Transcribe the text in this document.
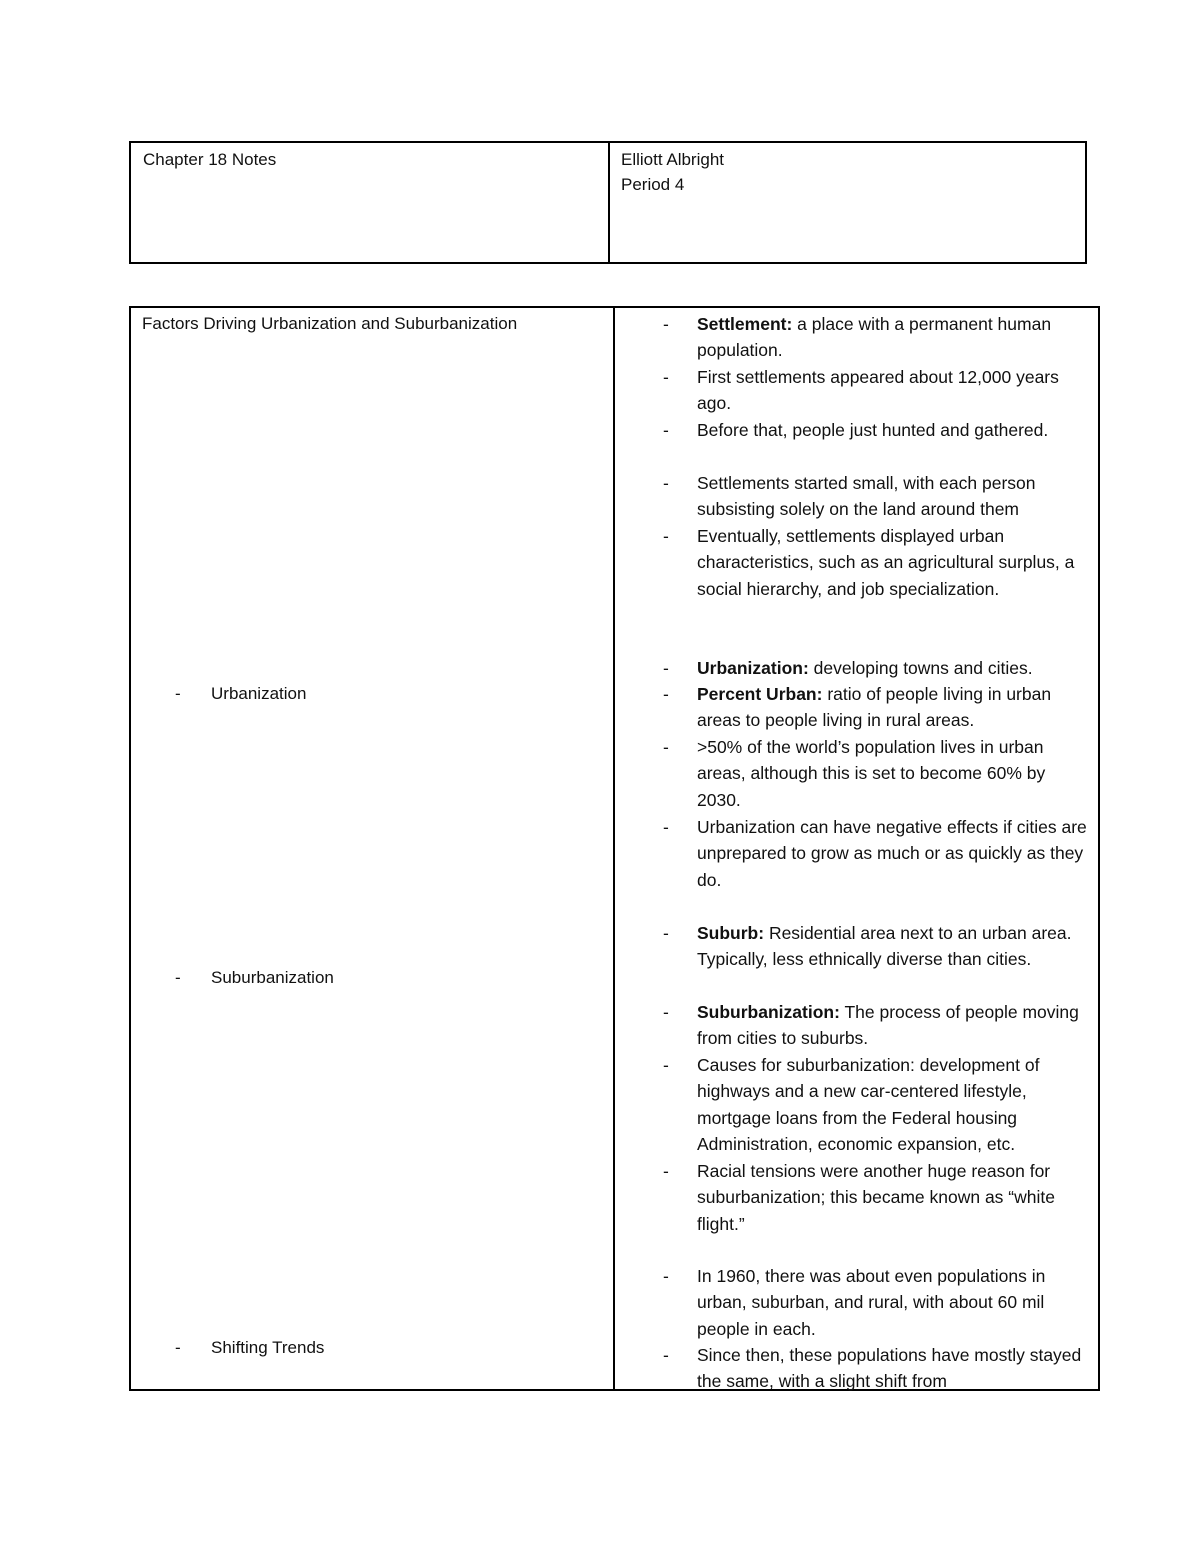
Chapter 18 Notes	Elliott Albright
Period 4
Factors Driving Urbanization and Suburbanization
- Urbanization
- Suburbanization
- Shifting Trends
- Settlement: a place with a permanent human population.
- First settlements appeared about 12,000 years ago.
- Before that, people just hunted and gathered.
- Settlements started small, with each person subsisting solely on the land around them
- Eventually, settlements displayed urban characteristics, such as an agricultural surplus, a social hierarchy, and job specialization.
- Urbanization: developing towns and cities.
- Percent Urban: ratio of people living in urban areas to people living in rural areas.
- >50% of the world’s population lives in urban areas, although this is set to become 60% by 2030.
- Urbanization can have negative effects if cities are unprepared to grow as much or as quickly as they do.
- Suburb: Residential area next to an urban area. Typically, less ethnically diverse than cities.
- Suburbanization: The process of people moving from cities to suburbs.
- Causes for suburbanization: development of highways and a new car-centered lifestyle, mortgage loans from the Federal housing Administration, economic expansion, etc.
- Racial tensions were another huge reason for suburbanization; this became known as “white flight.”
- In 1960, there was about even populations in urban, suburban, and rural, with about 60 mil people in each.
- Since then, these populations have mostly stayed the same, with a slight shift from
